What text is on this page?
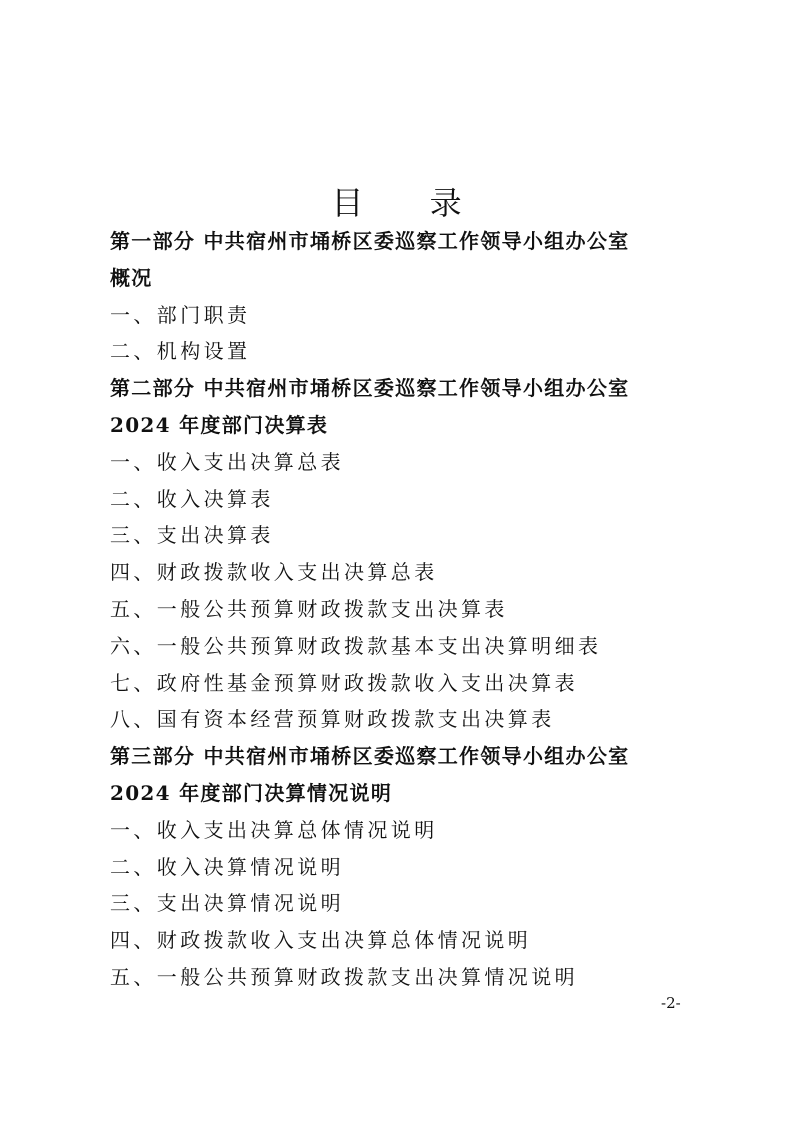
目 录
第一部分 中共宿州市埇桥区委巡察工作领导小组办公室
概况
一、部门职责
二、机构设置
第二部分 中共宿州市埇桥区委巡察工作领导小组办公室
2024 年度部门决算表
一、收入支出决算总表
二、收入决算表
三、支出决算表
四、财政拨款收入支出决算总表
五、一般公共预算财政拨款支出决算表
六、一般公共预算财政拨款基本支出决算明细表
七、政府性基金预算财政拨款收入支出决算表
八、国有资本经营预算财政拨款支出决算表
第三部分 中共宿州市埇桥区委巡察工作领导小组办公室
2024 年度部门决算情况说明
一、收入支出决算总体情况说明
二、收入决算情况说明
三、支出决算情况说明
四、财政拨款收入支出决算总体情况说明
五、一般公共预算财政拨款支出决算情况说明
-2-
